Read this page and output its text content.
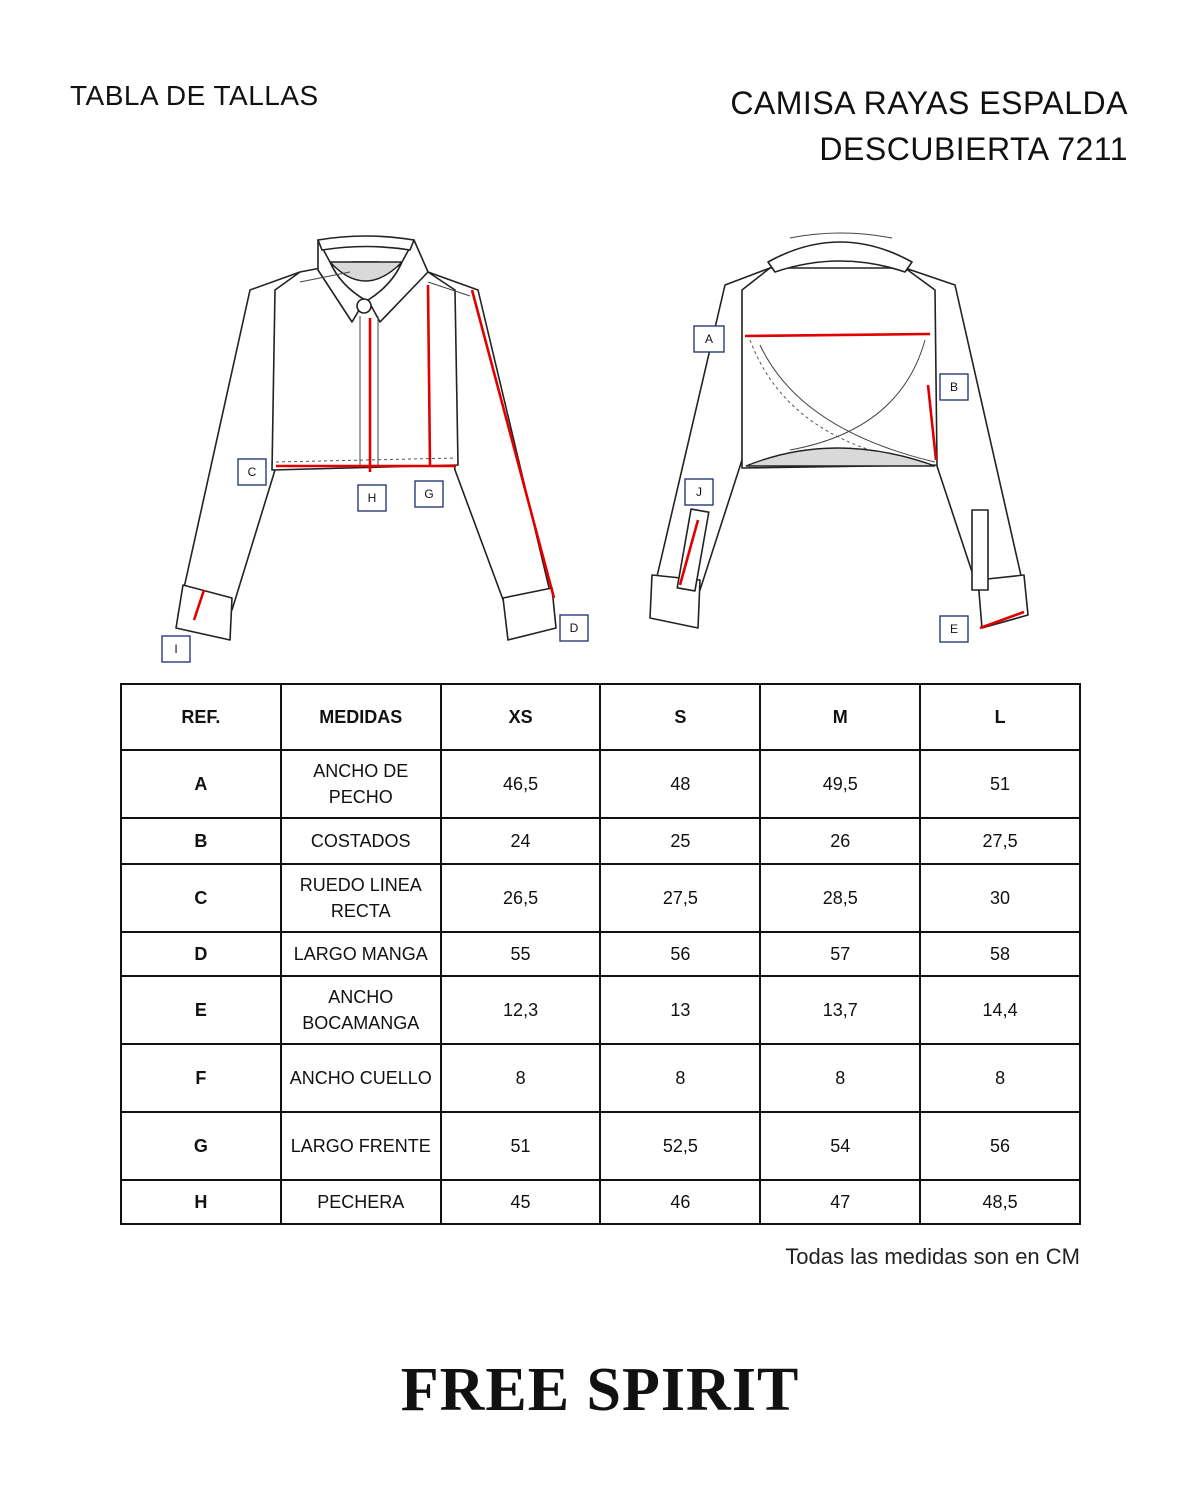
TABLA DE TALLAS	CAMISA RAYAS ESPALDA
DESCUBIERTA 7211
C
H	G
I
D
A
B
J
E
REF.	MEDIDAS	XS	S	M	L
A	ANCHO DE PECHO	46,5	48	49,5	51
B	COSTADOS	24	25	26	27,5
C	RUEDO LINEA RECTA	26,5	27,5	28,5	30
D	LARGO MANGA	55	56	57	58
E	ANCHO BOCAMANGA	12,3	13	13,7	14,4
F	ANCHO CUELLO	8	8	8	8
G	LARGO FRENTE	51	52,5	54	56
H	PECHERA	45	46	47	48,5
Todas las medidas son en CM
FREE SPIRIT
